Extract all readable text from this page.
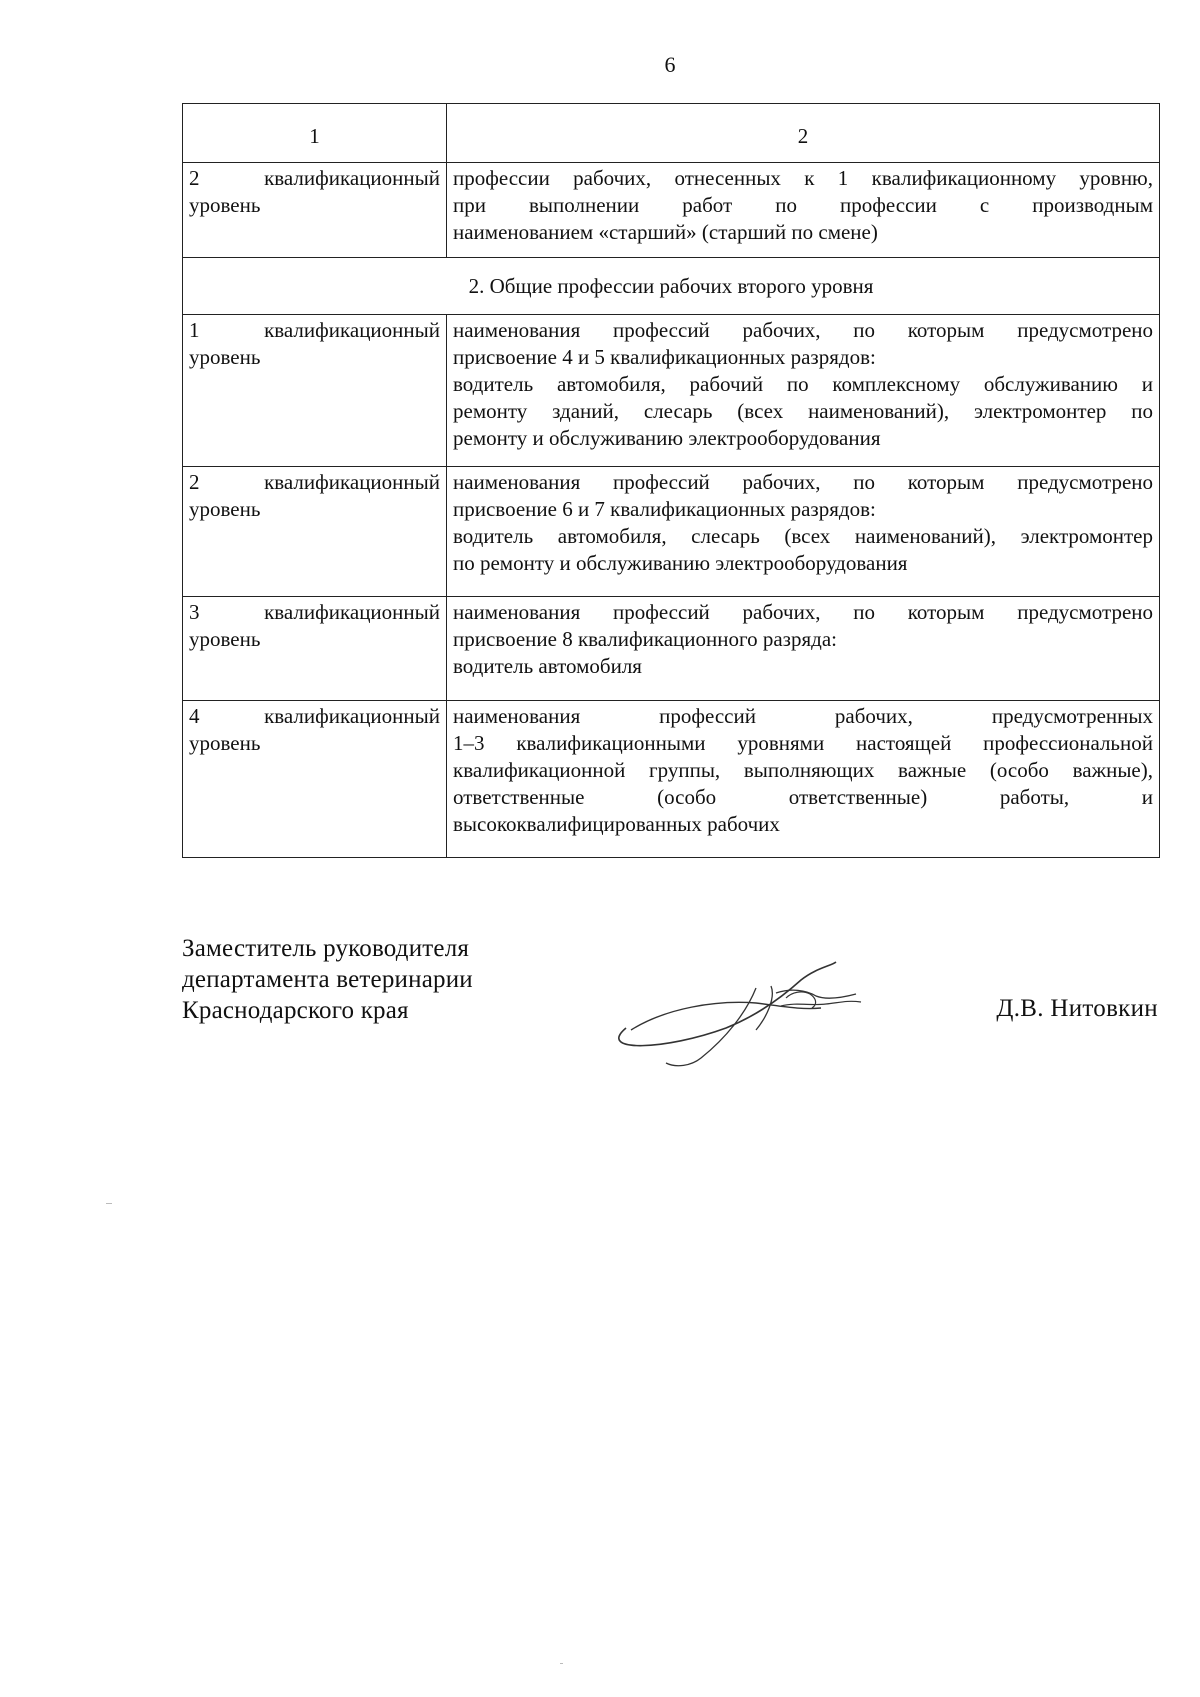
6
1	2
2 квалификационный уровень	профессии рабочих, отнесенных к 1 квалификационному уровню,
при выполнении работ по профессии с производным
наименованием «старший» (старший по смене)

2. Общие профессии рабочих второго уровня	
1 квалификационный уровень	наименования профессий рабочих, по которым предусмотрено
присвоение 4 и 5 квалификационных разрядов:
водитель автомобиля, рабочий по комплексному обслуживанию и
ремонту зданий, слесарь (всех наименований), электромонтер по
ремонту и обслуживанию электрооборудования

2 квалификационный уровень	наименования профессий рабочих, по которым предусмотрено
присвоение 6 и 7 квалификационных разрядов:
водитель автомобиля, слесарь (всех наименований), электромонтер
по ремонту и обслуживанию электрооборудования

3 квалификационный уровень	наименования профессий рабочих, по которым предусмотрено
присвоение 8 квалификационного разряда:
водитель автомобиля

4 квалификационный уровень	наименования профессий рабочих, предусмотренных
1–3 квалификационными уровнями настоящей профессиональной
квалификационной группы, выполняющих важные (особо важные),
ответственные (особо ответственные) работы, и
высококвалифицированных рабочих
Заместитель руководителя
департамента ветеринарии
Краснодарского края	Д.В. Нитовкин
